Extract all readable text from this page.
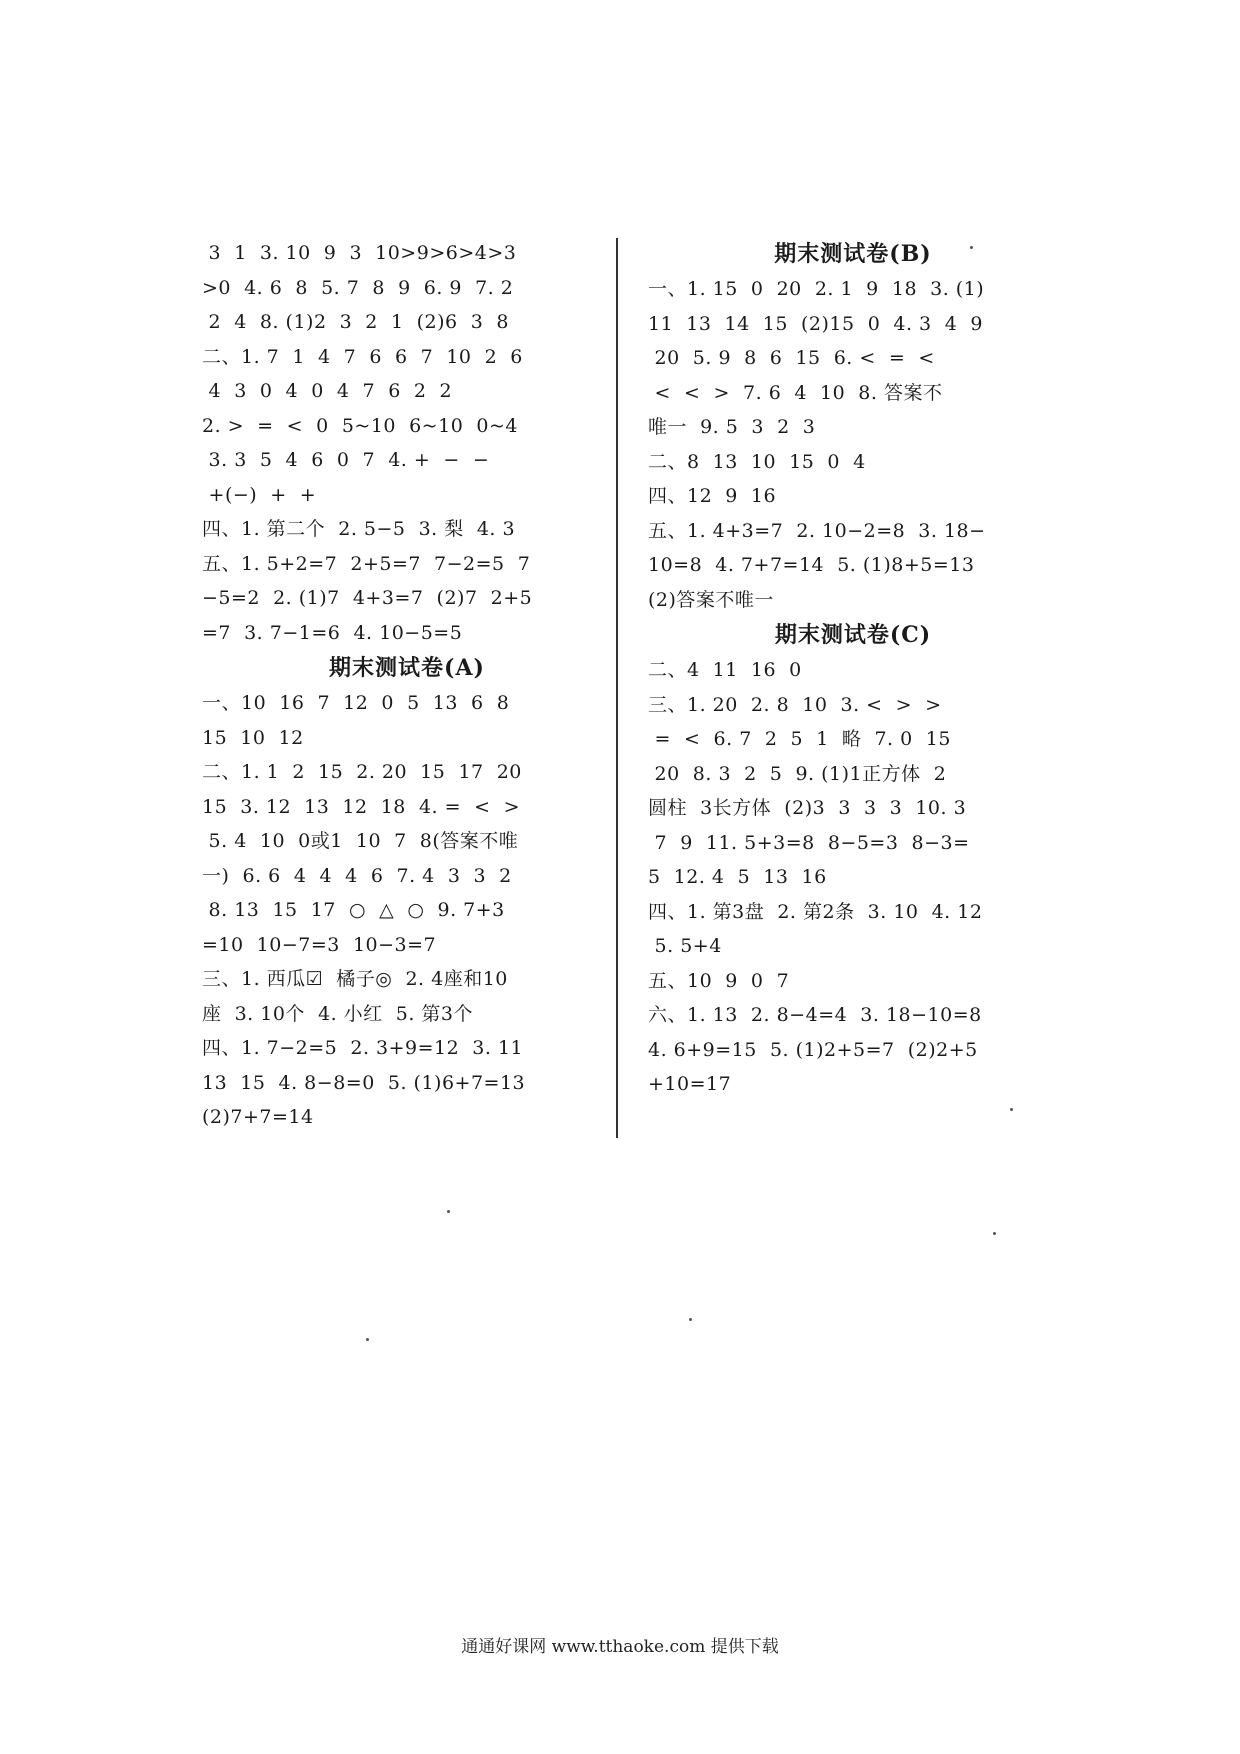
3  1  3. 10  9  3  10>9>6>4>3
>0  4. 6  8  5. 7  8  9  6. 9  7. 2
2  4  8. (1)2  3  2  1  (2)6  3  8
二、1. 7  1  4  7  6  6  7  10  2  6
4  3  0  4  0  4  7  6  2  2
2. >  =  <  0  5~10  6~10  0~4
3. 3  5  4  6  0  7  4. +  −  −
+(−)  +  +
四、1. 第二个  2. 5−5  3. 梨  4. 3
五、1. 5+2=7  2+5=7  7−2=5  7
−5=2  2. (1)7  4+3=7  (2)7  2+5
=7  3. 7−1=6  4. 10−5=5
期末测试卷(A)
一、10  16  7  12  0  5  13  6  8
15  10  12
二、1. 1  2  15  2. 20  15  17  20
15  3. 12  13  12  18  4. =  <  >
5. 4  10  0或1  10  7  8(答案不唯
一)  6. 6  4  4  4  6  7. 4  3  3  2
8. 13  15  17  ○  △  ○  9. 7+3
=10  10−7=3  10−3=7
三、1. 西瓜☑  橘子◎  2. 4座和10
座  3. 10个  4. 小红  5. 第3个
四、1. 7−2=5  2. 3+9=12  3. 11
13  15  4. 8−8=0  5. (1)6+7=13
(2)7+7=14
期末测试卷(B)
一、1. 15  0  20  2. 1  9  18  3. (1)
11  13  14  15  (2)15  0  4. 3  4  9
20  5. 9  8  6  15  6. <  =  <
<  <  >  7. 6  4  10  8. 答案不
唯一  9. 5  3  2  3
二、8  13  10  15  0  4
四、12  9  16
五、1. 4+3=7  2. 10−2=8  3. 18−
10=8  4. 7+7=14  5. (1)8+5=13
(2)答案不唯一
期末测试卷(C)
二、4  11  16  0
三、1. 20  2. 8  10  3. <  >  >
=  <  6. 7  2  5  1  略  7. 0  15
20  8. 3  2  5  9. (1)1正方体  2
圆柱  3长方体  (2)3  3  3  3  10. 3
7  9  11. 5+3=8  8−5=3  8−3=
5  12. 4  5  13  16
四、1. 第3盘  2. 第2条  3. 10  4. 12
5. 5+4
五、10  9  0  7
六、1. 13  2. 8−4=4  3. 18−10=8
4. 6+9=15  5. (1)2+5=7  (2)2+5
+10=17
通通好课网 www.tthaoke.com 提供下载
